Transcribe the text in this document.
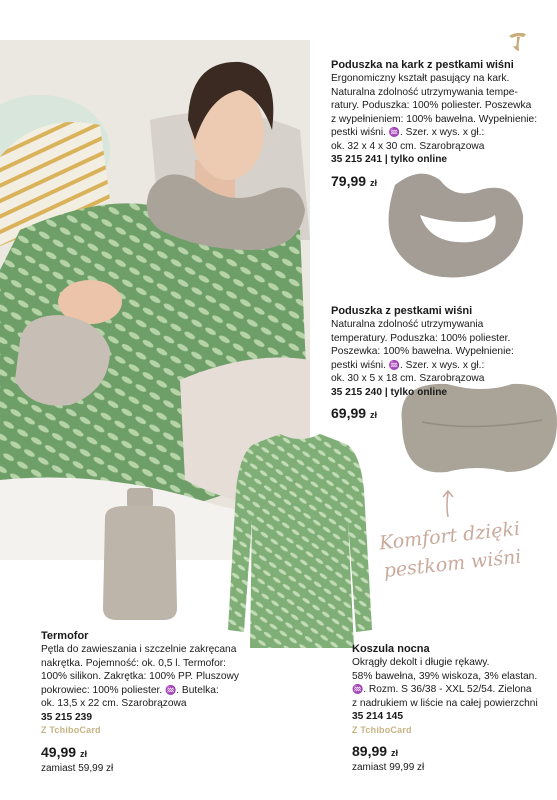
Poduszka na kark z pestkami wiśni
Ergonomiczny kształt pasujący na kark.
Naturalna zdolność utrzymywania tempe-
ratury. Poduszka: 100% poliester. Poszewka
z wypełnieniem: 100% bawełna. Wypełnienie:
pestki wiśni. ♒. Szer. x wys. x gł.:
ok. 32 x 4 x 30 cm. Szarobrązowa
35 215 241 | tylko online
79,99 zł
Poduszka z pestkami wiśni
Naturalna zdolność utrzymywania
temperatury. Poduszka: 100% poliester.
Poszewka: 100% bawełna. Wypełnienie:
pestki wiśni. ♒. Szer. x wys. x gł.:
ok. 30 x 5 x 18 cm. Szarobrązowa
35 215 240 | tylko online
69,99 zł
Termofor
Pętla do zawieszania i szczelnie zakręcana
nakrętka. Pojemność: ok. 0,5 l. Termofor:
100% silikon. Zakrętka: 100% PP. Pluszowy
pokrowiec: 100% poliester. ♒. Butelka:
ok. 13,5 x 22 cm. Szarobrązowa
35 215 239
Z TchiboCard
49,99 zł
zamiast 59,99 zł
Koszula nocna
Okrągły dekolt i długie rękawy.
58% bawełna, 39% wiskoza, 3% elastan.
♒. Rozm. S 36/38 - XXL 52/54. Zielona
z nadrukiem w liście na całej powierzchni
35 214 145
Z TchiboCard
89,99 zł
zamiast 99,99 zł
Komfort dzięki
pestkom wiśni
